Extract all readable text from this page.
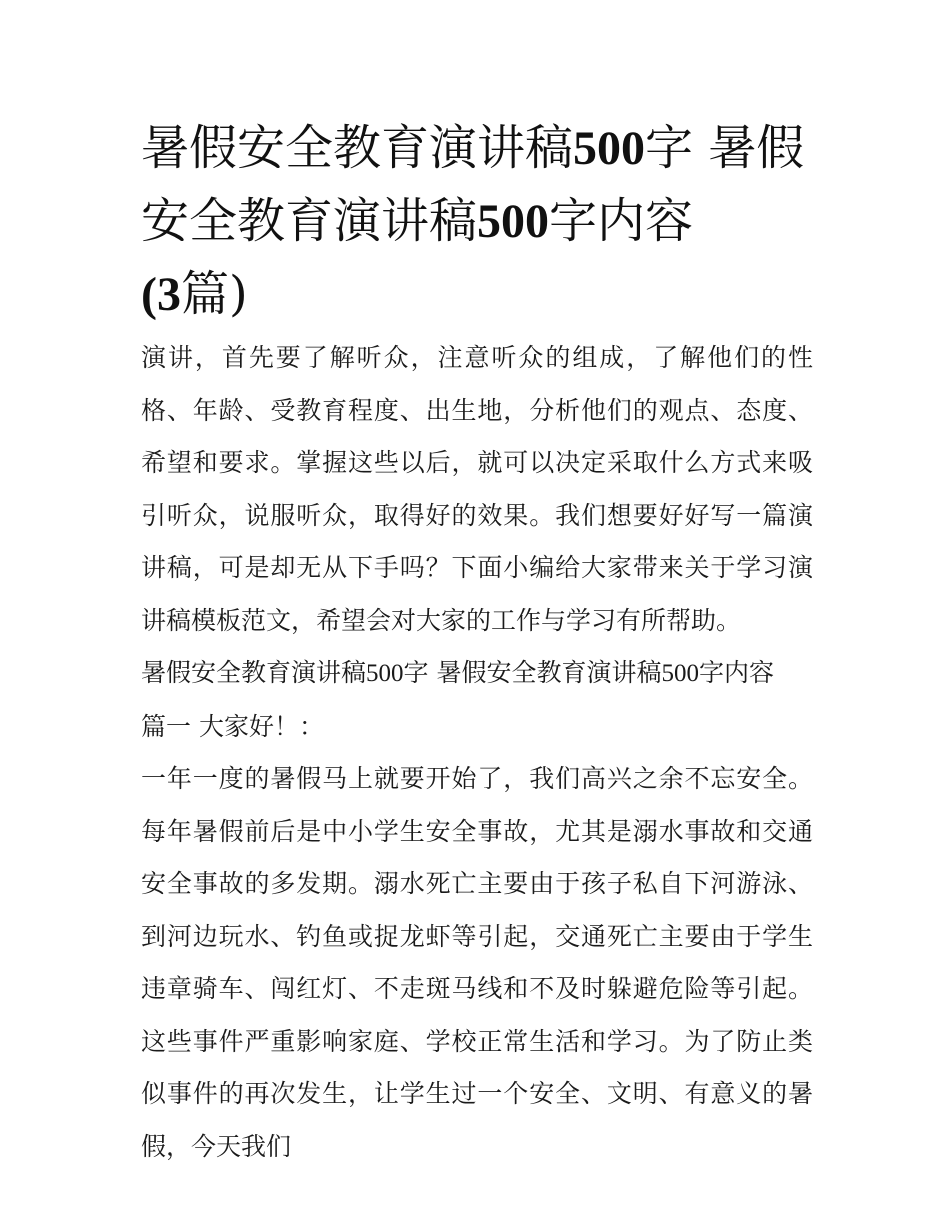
暑假安全教育演讲稿500字 暑假安全教育演讲稿500字内容
(3篇)

演讲，首先要了解听众，注意听众的组成，了解他们的性格、年龄、受教育程度、出生地，分析他们的观点、态度、希望和要求。掌握这些以后，就可以决定采取什么方式来吸引听众，说服听众，取得好的效果。我们想要好好写一篇演讲稿，可是却无从下手吗？下面小编给大家带来关于学习演讲稿模板范文，希望会对大家的工作与学习有所帮助。

暑假安全教育演讲稿500字 暑假安全教育演讲稿500字内容

篇一 大家好！：

一年一度的暑假马上就要开始了，我们高兴之余不忘安全。每年暑假前后是中小学生安全事故，尤其是溺水事故和交通安全事故的多发期。溺水死亡主要由于孩子私自下河游泳、到河边玩水、钓鱼或捉龙虾等引起，交通死亡主要由于学生违章骑车、闯红灯、不走斑马线和不及时躲避危险等引起。这些事件严重影响家庭、学校正常生活和学习。为了防止类似事件的再次发生，让学生过一个安全、文明、有意义的暑假，今天我们
